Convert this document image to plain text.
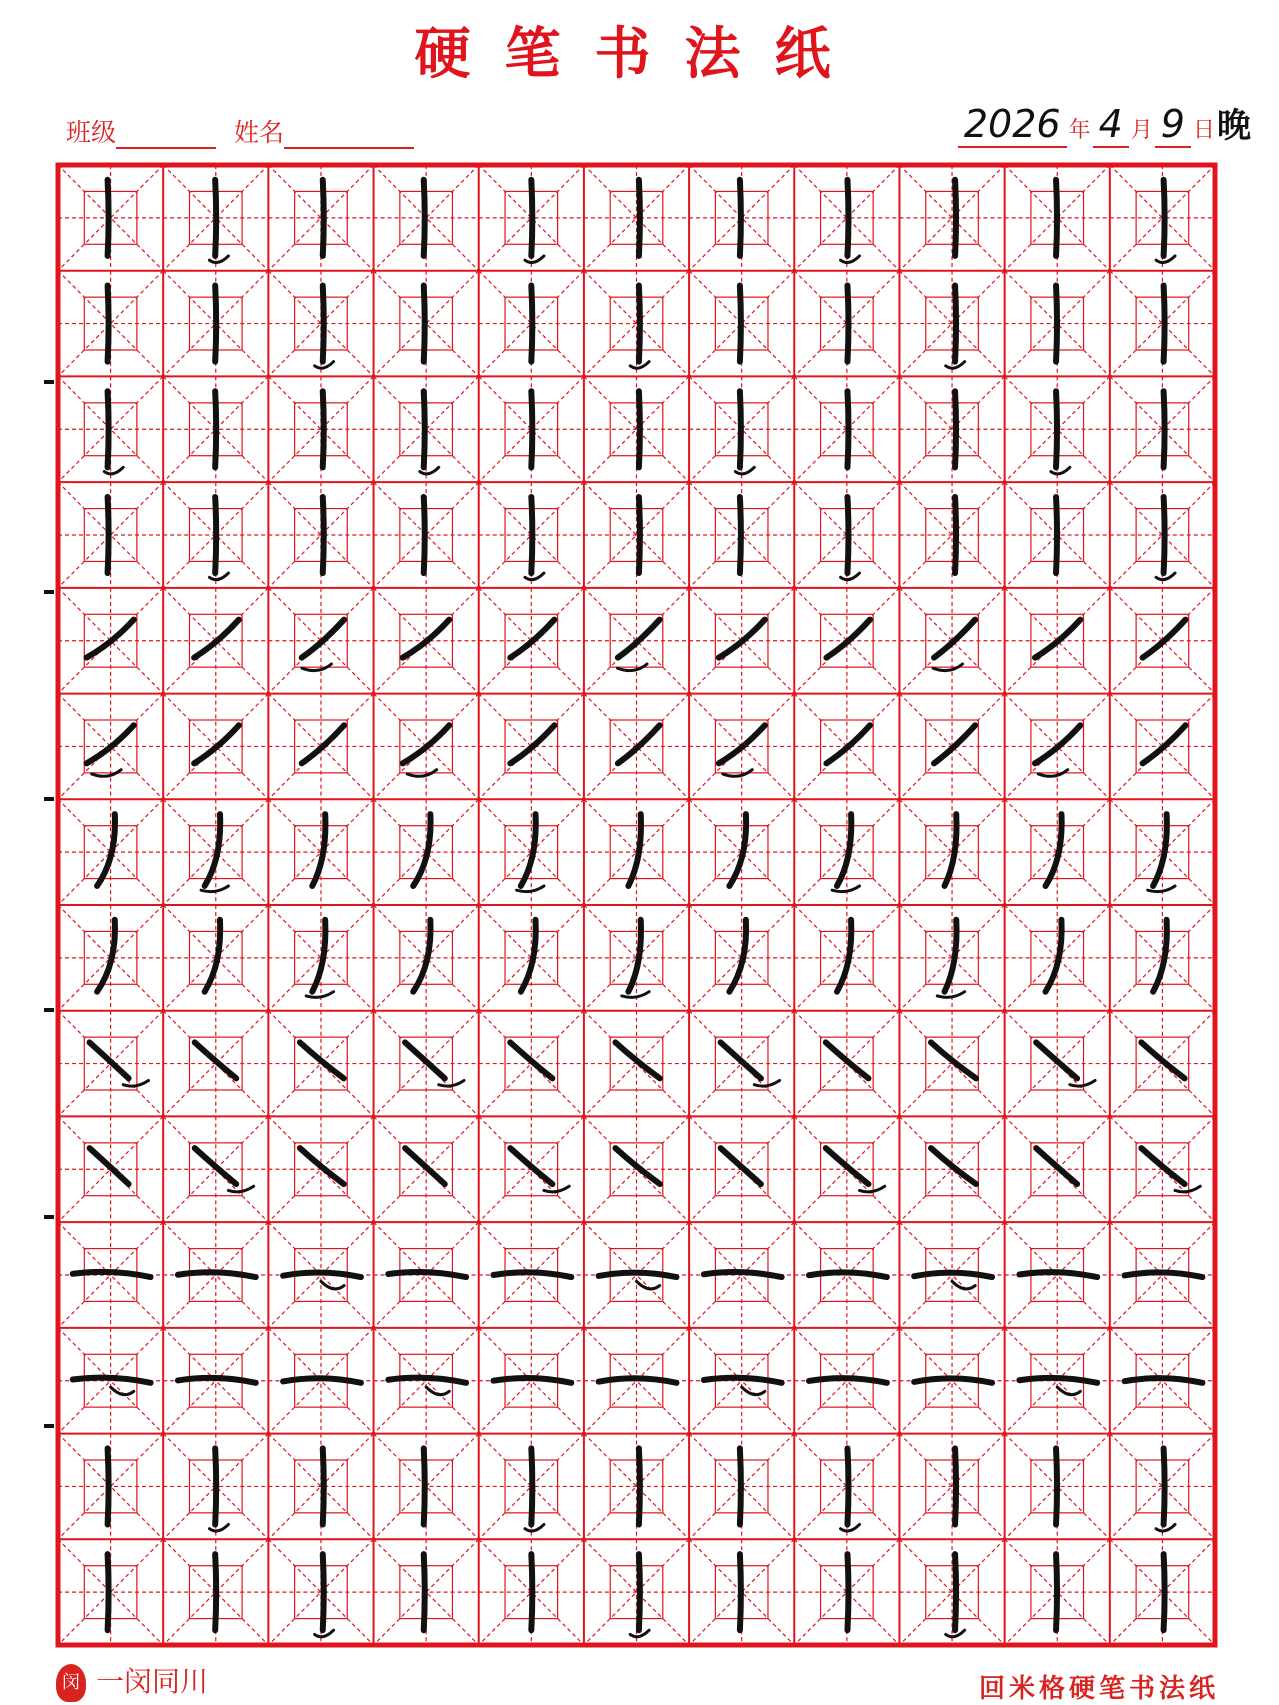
硬笔书法纸
班级	姓名	2026 年 4 月 9 日晚
闵 一闵同川	回米格硬笔书法纸
